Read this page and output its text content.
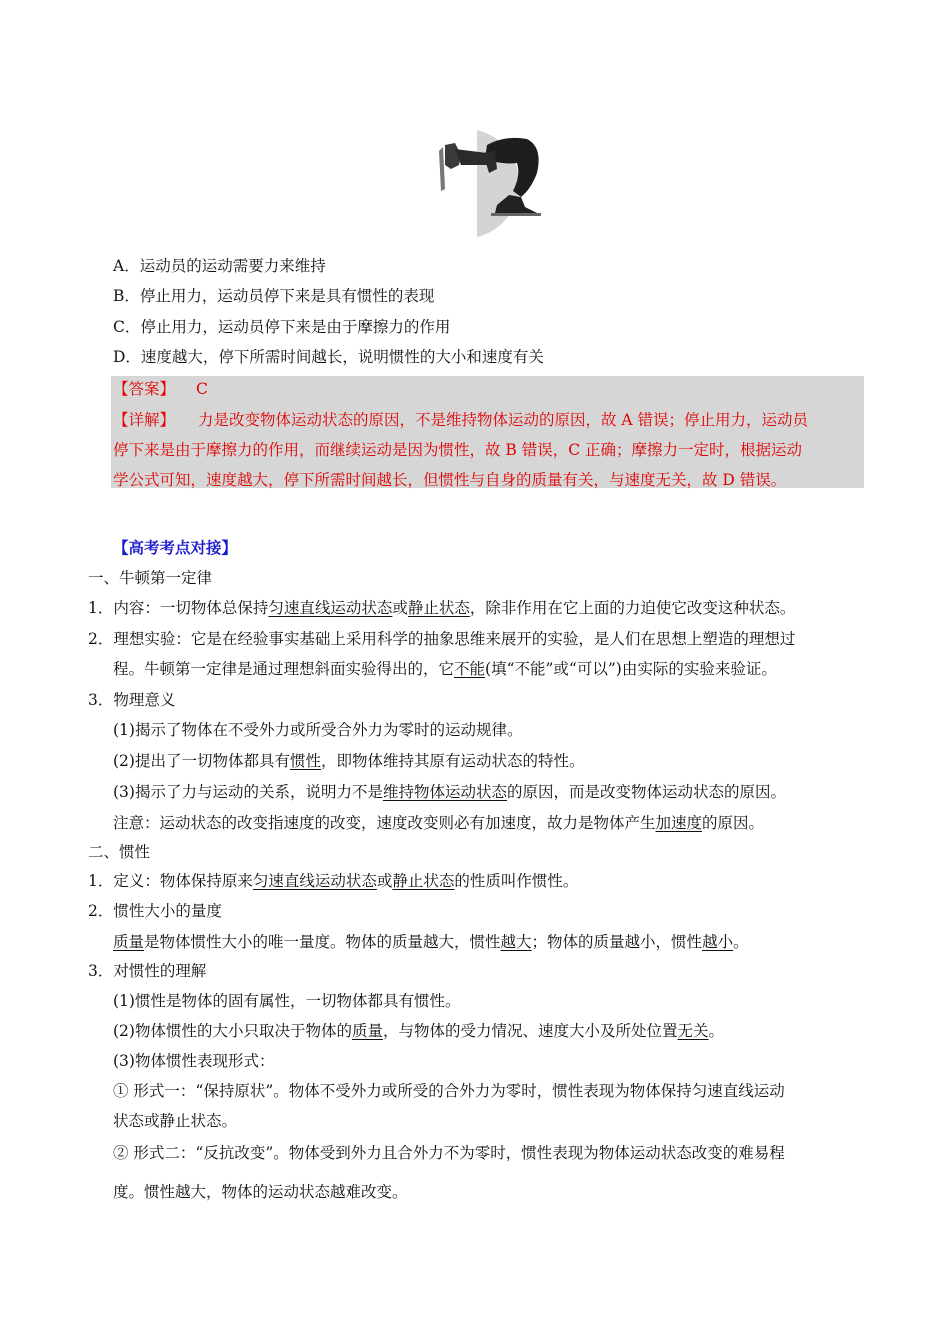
A．运动员的运动需要力来维持
B．停止用力，运动员停下来是具有惯性的表现
C．停止用力，运动员停下来是由于摩擦力的作用
D．速度越大，停下所需时间越长，说明惯性的大小和速度有关
【答案】 C
【详解】 力是改变物体运动状态的原因，不是维持物体运动的原因，故 A 错误；停止用力，运动员
停下来是由于摩擦力的作用，而继续运动是因为惯性，故 B 错误，C 正确；摩擦力一定时，根据运动
学公式可知，速度越大，停下所需时间越长，但惯性与自身的质量有关，与速度无关，故 D 错误。
【高考考点对接】
一、牛顿第一定律
1．内容：一切物体总保持匀速直线运动状态或静止状态，除非作用在它上面的力迫使它改变这种状态。
2．理想实验：它是在经验事实基础上采用科学的抽象思维来展开的实验，是人们在思想上塑造的理想过
程。牛顿第一定律是通过理想斜面实验得出的，它不能(填“不能”或“可以”)由实际的实验来验证。
3．物理意义
(1)揭示了物体在不受外力或所受合外力为零时的运动规律。
(2)提出了一切物体都具有惯性，即物体维持其原有运动状态的特性。
(3)揭示了力与运动的关系，说明力不是维持物体运动状态的原因，而是改变物体运动状态的原因。
注意：运动状态的改变指速度的改变，速度改变则必有加速度，故力是物体产生加速度的原因。
二、惯性
1．定义：物体保持原来匀速直线运动状态或静止状态的性质叫作惯性。
2．惯性大小的量度
质量是物体惯性大小的唯一量度。物体的质量越大，惯性越大；物体的质量越小，惯性越小。
3．对惯性的理解
(1)惯性是物体的固有属性，一切物体都具有惯性。
(2)物体惯性的大小只取决于物体的质量，与物体的受力情况、速度大小及所处位置无关。
(3)物体惯性表现形式：
① 形式一：“保持原状”。物体不受外力或所受的合外力为零时，惯性表现为物体保持匀速直线运动
状态或静止状态。
② 形式二：“反抗改变”。物体受到外力且合外力不为零时，惯性表现为物体运动状态改变的难易程
度。惯性越大，物体的运动状态越难改变。
